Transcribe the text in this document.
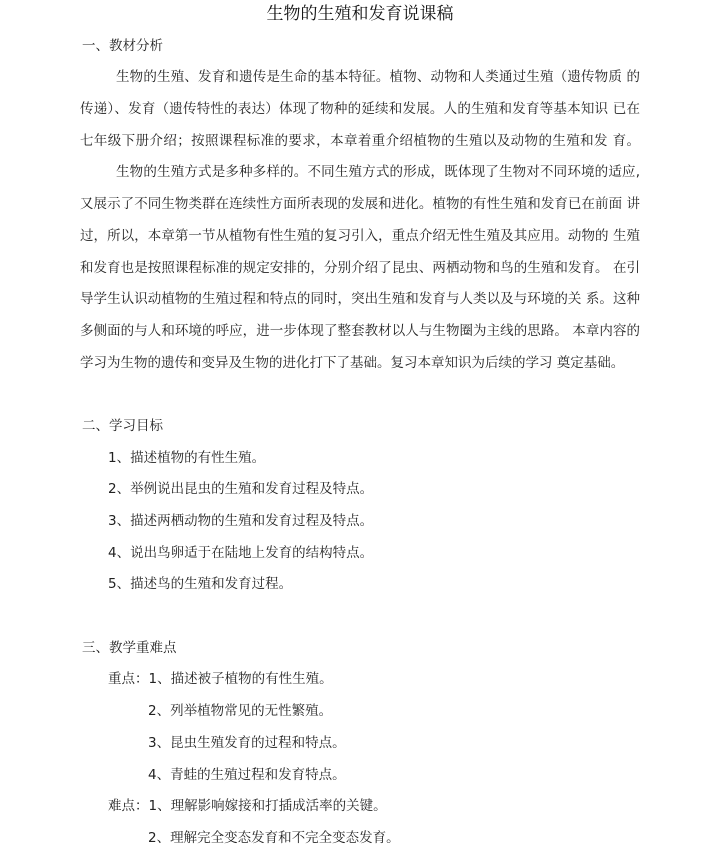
生物的生殖和发育说课稿
一、教材分析
生物的生殖、发育和遗传是生命的基本特征。植物、动物和人类通过生殖（遗传物质 的
传递）、发育（遗传特性的表达）体现了物种的延续和发展。人的生殖和发育等基本知识 已在
七年级下册介绍；按照课程标准的要求，本章着重介绍植物的生殖以及动物的生殖和发 育。
生物的生殖方式是多种多样的。不同生殖方式的形成，既体现了生物对不同环境的适应,
又展示了不同生物类群在连续性方面所表现的发展和进化。植物的有性生殖和发育已在前面 讲
过，所以，本章第一节从植物有性生殖的复习引入，重点介绍无性生殖及其应用。动物的 生殖
和发育也是按照课程标准的规定安排的，分别介绍了昆虫、两栖动物和鸟的生殖和发育。 在引
导学生认识动植物的生殖过程和特点的同时，突出生殖和发育与人类以及与环境的关 系。这种
多侧面的与人和环境的呼应，进一步体现了整套教材以人与生物圈为主线的思路。 本章内容的
学习为生物的遗传和变异及生物的进化打下了基础。复习本章知识为后续的学习 奠定基础。
二、学习目标
1、描述植物的有性生殖。
2、举例说出昆虫的生殖和发育过程及特点。
3、描述两栖动物的生殖和发育过程及特点。
4、说出鸟卵适于在陆地上发育的结构特点。
5、描述鸟的生殖和发育过程。
三、教学重难点
重点：1、描述被子植物的有性生殖。
2、列举植物常见的无性繁殖。
3、昆虫生殖发育的过程和特点。
4、青蛙的生殖过程和发育特点。
难点：1、理解影响嫁接和打插成活率的关键。
2、理解完全变态发育和不完全变态发育。
